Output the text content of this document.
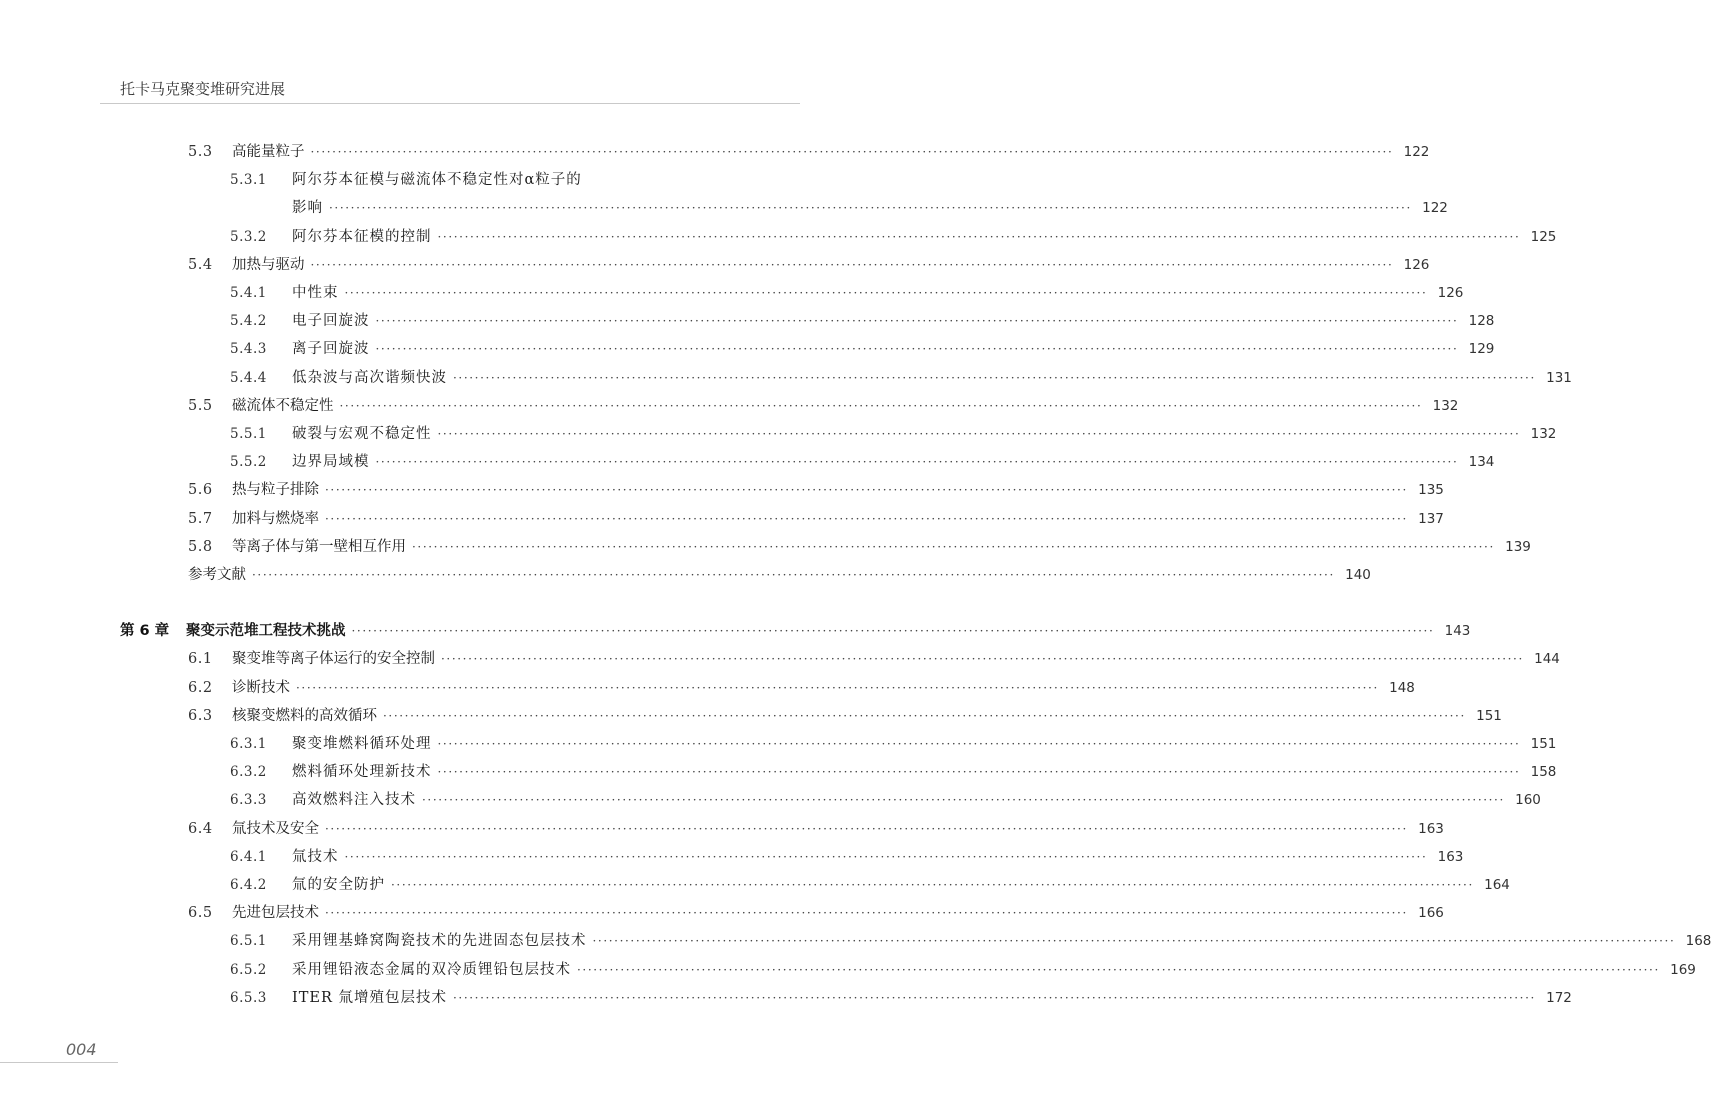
托卡马克聚变堆研究进展
5.3	高能量粒子 ········································································································································································································ 122
5.3.1	阿尔芬本征模与磁流体不稳定性对α粒子的
影响 ········································································································································································································ 122
5.3.2	阿尔芬本征模的控制 ········································································································································································································ 125
5.4	加热与驱动 ········································································································································································································ 126
5.4.1	中性束 ········································································································································································································ 126
5.4.2	电子回旋波 ········································································································································································································ 128
5.4.3	离子回旋波 ········································································································································································································ 129
5.4.4	低杂波与高次谐频快波 ········································································································································································································ 131
5.5	磁流体不稳定性 ········································································································································································································ 132
5.5.1	破裂与宏观不稳定性 ········································································································································································································ 132
5.5.2	边界局域模 ········································································································································································································ 134
5.6	热与粒子排除 ········································································································································································································ 135
5.7	加料与燃烧率 ········································································································································································································ 137
5.8	等离子体与第一壁相互作用 ········································································································································································································ 139
参考文献 ········································································································································································································ 140
第 6 章	聚变示范堆工程技术挑战 ········································································································································································································ 143
6.1	聚变堆等离子体运行的安全控制 ········································································································································································································ 144
6.2	诊断技术 ········································································································································································································ 148
6.3	核聚变燃料的高效循环 ········································································································································································································ 151
6.3.1	聚变堆燃料循环处理 ········································································································································································································ 151
6.3.2	燃料循环处理新技术 ········································································································································································································ 158
6.3.3	高效燃料注入技术 ········································································································································································································ 160
6.4	氚技术及安全 ········································································································································································································ 163
6.4.1	氚技术 ········································································································································································································ 163
6.4.2	氚的安全防护 ········································································································································································································ 164
6.5	先进包层技术 ········································································································································································································ 166
6.5.1	采用锂基蜂窝陶瓷技术的先进固态包层技术 ········································································································································································································ 168
6.5.2	采用锂铅液态金属的双冷质锂铅包层技术 ········································································································································································································ 169
6.5.3	ITER 氚增殖包层技术 ········································································································································································································ 172
004
